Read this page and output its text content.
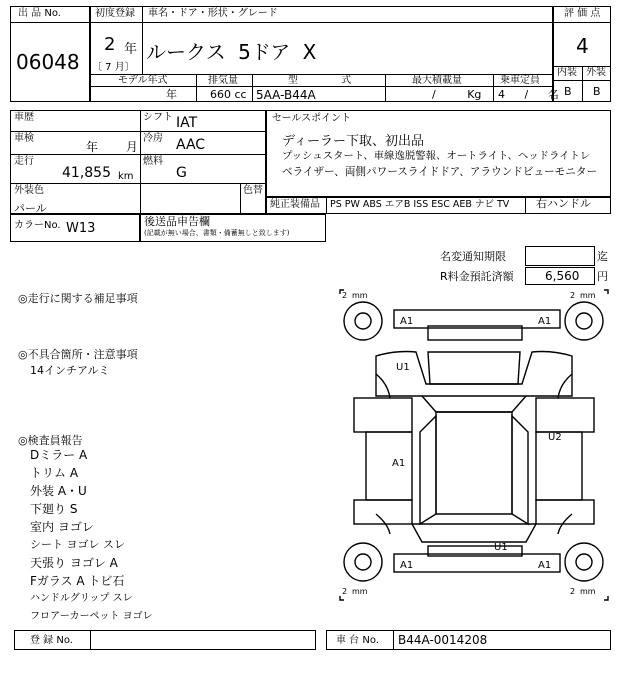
出 品 No.
06048
初度登録
2 年
〔 7 月〕
車名・ドア・形状・グレード
ルークス 5ドア X
モデル年式
年
排気量
660 cc
型 式
5AA-B44A
最大積載量
/ Kg
乗車定員
4 / 名
評 価 点
4
内装 外装
B B
車歴
車検
年 月
走行
41,855 km
シフト IAT
冷房 AAC
燃料
G
外装色	色替
パール
カラーNo. W13	後送品申告欄
(記載が無い場合、書類・備蓄無しと致します)
セールスポイント
ディーラー下取、初出品
プッシュスタート、車線逸脱警報、オートライト、ヘッドライトレ
ベライザー、両側パワースライドドア、アラウンドビューモニター
純正装備品 PS PW ABS エアB ISS ESC AEB ナビ TV 右ハンドル
名変通知期限	迄
R料金預託済額	6,560 円
◎走行に関する補足事項
◎不具合箇所・注意事項
14インチアルミ
◎検査員報告
Dミラー A
トリム A
外装 A・U
下廻り S
室内 ヨゴレ
シート ヨゴレ スレ
天張り ヨゴレ A
Fガラス A トビ石
ハンドルグリップ スレ
フロアーカーペット ヨゴレ
2 mm	2 mm
2 mm	2 mm
A1	A1
U1
U2
A1
U1
A1	A1
登 録 No.	車 台 No. B44A-0014208
